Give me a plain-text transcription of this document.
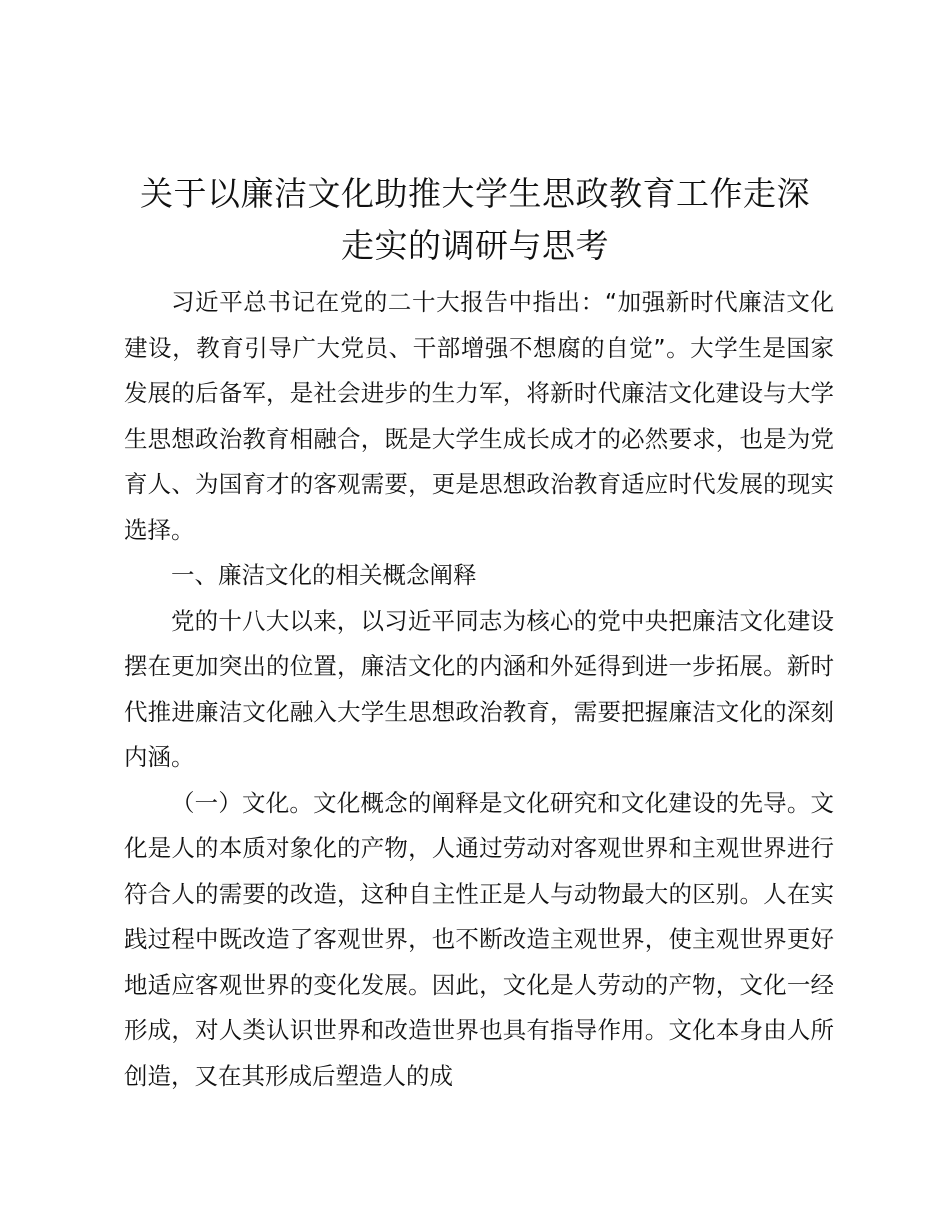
关于以廉洁文化助推大学生思政教育工作走深
走实的调研与思考

习近平总书记在党的二十大报告中指出：“加强新时代廉洁文化建设，教育引导广大党员、干部增强不想腐的自觉”。大学生是国家发展的后备军，是社会进步的生力军，将新时代廉洁文化建设与大学生思想政治教育相融合，既是大学生成长成才的必然要求，也是为党育人、为国育才的客观需要，更是思想政治教育适应时代发展的现实选择。

一、廉洁文化的相关概念阐释

党的十八大以来，以习近平同志为核心的党中央把廉洁文化建设摆在更加突出的位置，廉洁文化的内涵和外延得到进一步拓展。新时代推进廉洁文化融入大学生思想政治教育，需要把握廉洁文化的深刻内涵。

（一）文化。文化概念的阐释是文化研究和文化建设的先导。文化是人的本质对象化的产物，人通过劳动对客观世界和主观世界进行符合人的需要的改造，这种自主性正是人与动物最大的区别。人在实践过程中既改造了客观世界，也不断改造主观世界，使主观世界更好地适应客观世界的变化发展。因此，文化是人劳动的产物，文化一经形成，对人类认识世界和改造世界也具有指导作用。文化本身由人所创造，又在其形成后塑造人的成
